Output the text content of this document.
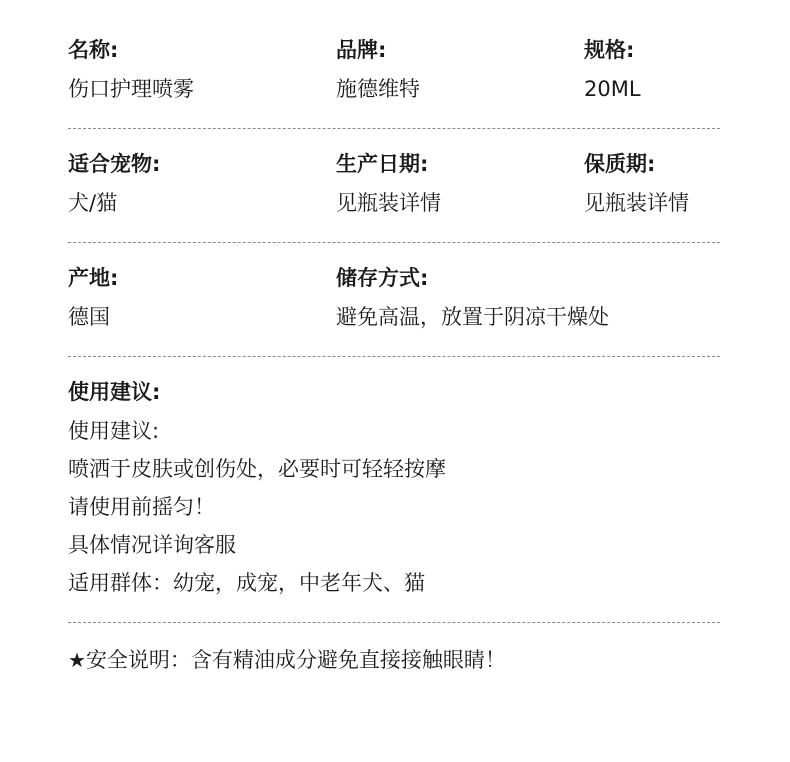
名称:
伤口护理喷雾
品牌:
施德维特
规格:
20ML
适合宠物:
犬/猫
生产日期:
见瓶装详情
保质期:
见瓶装详情
产地:
德国
储存方式:
避免高温，放置于阴凉干燥处
使用建议:
使用建议:
喷洒于皮肤或创伤处，必要时可轻轻按摩
请使用前摇匀！
具体情况详询客服
适用群体：幼宠，成宠，中老年犬、猫
★安全说明：含有精油成分避免直接接触眼睛！
